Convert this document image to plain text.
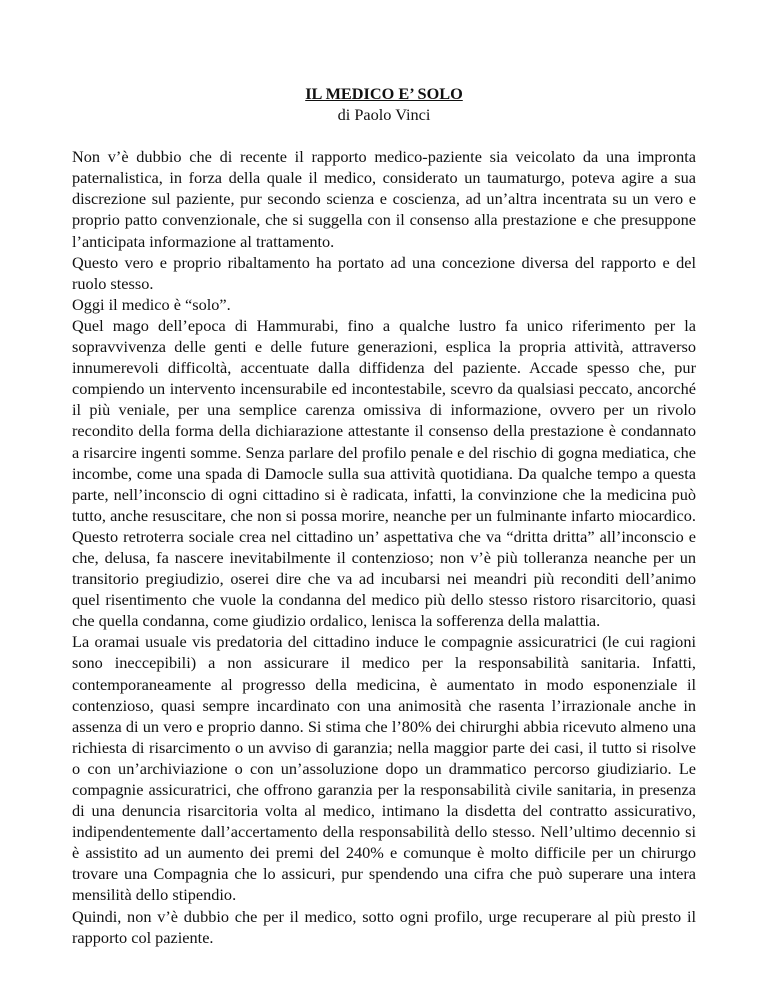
IL MEDICO E’ SOLO

di Paolo Vinci

Non v’è dubbio che di recente il rapporto medico-paziente sia veicolato da una impronta paternalistica, in forza della quale il medico, considerato un taumaturgo, poteva agire a sua discrezione sul paziente, pur secondo scienza e coscienza, ad un’altra incentrata su un vero e proprio patto convenzionale, che si suggella con il consenso alla prestazione e che presuppone l’anticipata informazione al trattamento.

Questo vero e proprio ribaltamento ha portato ad una concezione diversa del rapporto e del ruolo stesso.

Oggi il medico è “solo”.

Quel mago dell’epoca di Hammurabi, fino a qualche lustro fa unico riferimento per la sopravvivenza delle genti e delle future generazioni, esplica la propria attività, attraverso innumerevoli difficoltà, accentuate dalla diffidenza del paziente. Accade spesso che, pur compiendo un intervento incensurabile ed incontestabile, scevro da qualsiasi peccato, ancorché il più veniale, per una semplice carenza omissiva di informazione, ovvero per un rivolo recondito della forma della dichiarazione attestante il consenso della prestazione è condannato a risarcire ingenti somme. Senza parlare del profilo penale e del rischio di gogna mediatica, che incombe, come una spada di Damocle sulla sua attività quotidiana. Da qualche tempo a questa parte, nell’inconscio di ogni cittadino si è radicata, infatti, la convinzione che la medicina può tutto, anche resuscitare, che non si possa morire, neanche per un fulminante infarto miocardico. Questo retroterra sociale crea nel cittadino un’ aspettativa che va “dritta dritta” all’inconscio e che, delusa, fa nascere inevitabilmente il contenzioso; non v’è più tolleranza neanche per un transitorio pregiudizio, oserei dire che va ad incubarsi nei meandri più reconditi dell’animo quel risentimento che vuole la condanna del medico più dello stesso ristoro risarcitorio, quasi che quella condanna, come giudizio ordalico, lenisca la sofferenza della malattia.

La oramai usuale vis predatoria del cittadino induce le compagnie assicuratrici (le cui ragioni sono ineccepibili) a non assicurare il medico per la responsabilità sanitaria. Infatti, contemporaneamente al progresso della medicina, è aumentato in modo esponenziale il contenzioso, quasi sempre incardinato con una animosità che rasenta l’irrazionale anche in assenza di un vero e proprio danno. Si stima che l’80% dei chirurghi abbia ricevuto almeno una richiesta di risarcimento o un avviso di garanzia; nella maggior parte dei casi, il tutto si risolve o con un’archiviazione o con un’assoluzione dopo un drammatico percorso giudiziario. Le compagnie assicuratrici, che offrono garanzia per la responsabilità civile sanitaria, in presenza di una denuncia risarcitoria volta al medico, intimano la disdetta del contratto assicurativo, indipendentemente dall’accertamento della responsabilità dello stesso. Nell’ultimo decennio si è assistito ad un aumento dei premi del 240% e comunque è molto difficile per un chirurgo trovare una Compagnia che lo assicuri, pur spendendo una cifra che può superare una intera mensilità dello stipendio.

Quindi, non v’è dubbio che per il medico, sotto ogni profilo, urge recuperare al più presto il rapporto col paziente.
